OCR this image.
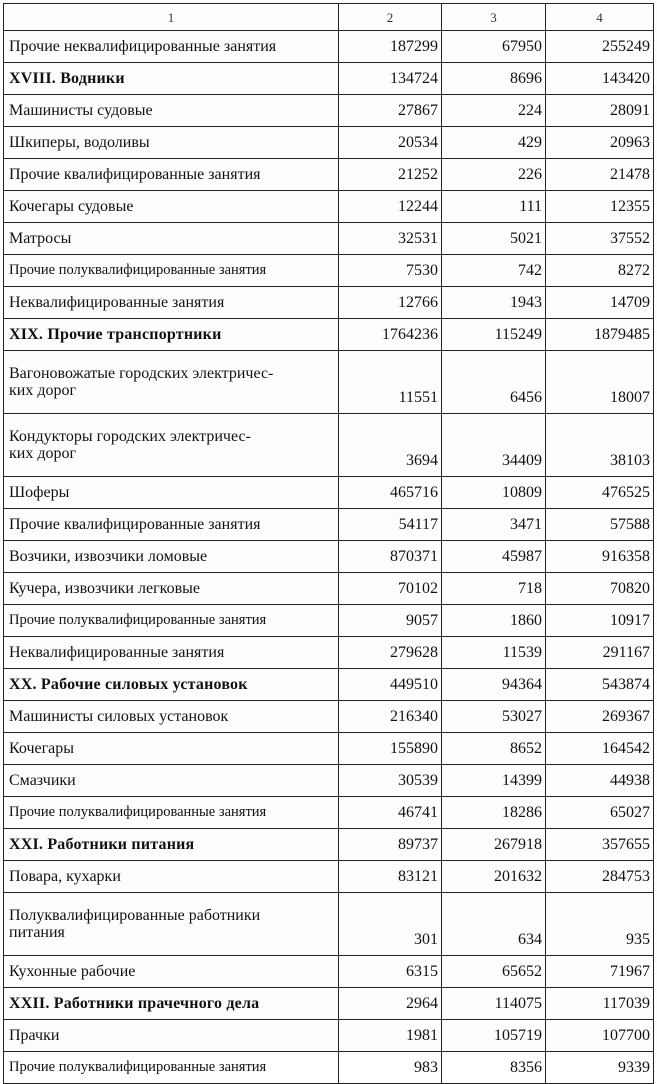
1	2	3	4
Прочие неквалифицированные занятия	187299	67950	255249
XVIII. Водники	134724	8696	143420
Машинисты судовые	27867	224	28091
Шкиперы, водоливы	20534	429	20963
Прочие квалифицированные занятия	21252	226	21478
Кочегары судовые	12244	111	12355
Матросы	32531	5021	37552
Прочие полуквалифицированные занятия	7530	742	8272
Неквалифицированные занятия	12766	1943	14709
XIX. Прочие транспортники	1764236	115249	1879485
Вагоновожатые городских электричес-
ких дорог	11551	6456	18007
Кондукторы городских электричес-
ких дорог	3694	34409	38103
Шоферы	465716	10809	476525
Прочие квалифицированные занятия	54117	3471	57588
Возчики, извозчики ломовые	870371	45987	916358
Кучера, извозчики легковые	70102	718	70820
Прочие полуквалифицированные занятия	9057	1860	10917
Неквалифицированные занятия	279628	11539	291167
XX. Рабочие силовых установок	449510	94364	543874
Машинисты силовых установок	216340	53027	269367
Кочегары	155890	8652	164542
Смазчики	30539	14399	44938
Прочие полуквалифицированные занятия	46741	18286	65027
XXI. Работники питания	89737	267918	357655
Повара, кухарки	83121	201632	284753
Полуквалифицированные работники
питания	301	634	935
Кухонные рабочие	6315	65652	71967
XXII. Работники прачечного дела	2964	114075	117039
Прачки	1981	105719	107700
Прочие полуквалифицированные занятия	983	8356	9339
